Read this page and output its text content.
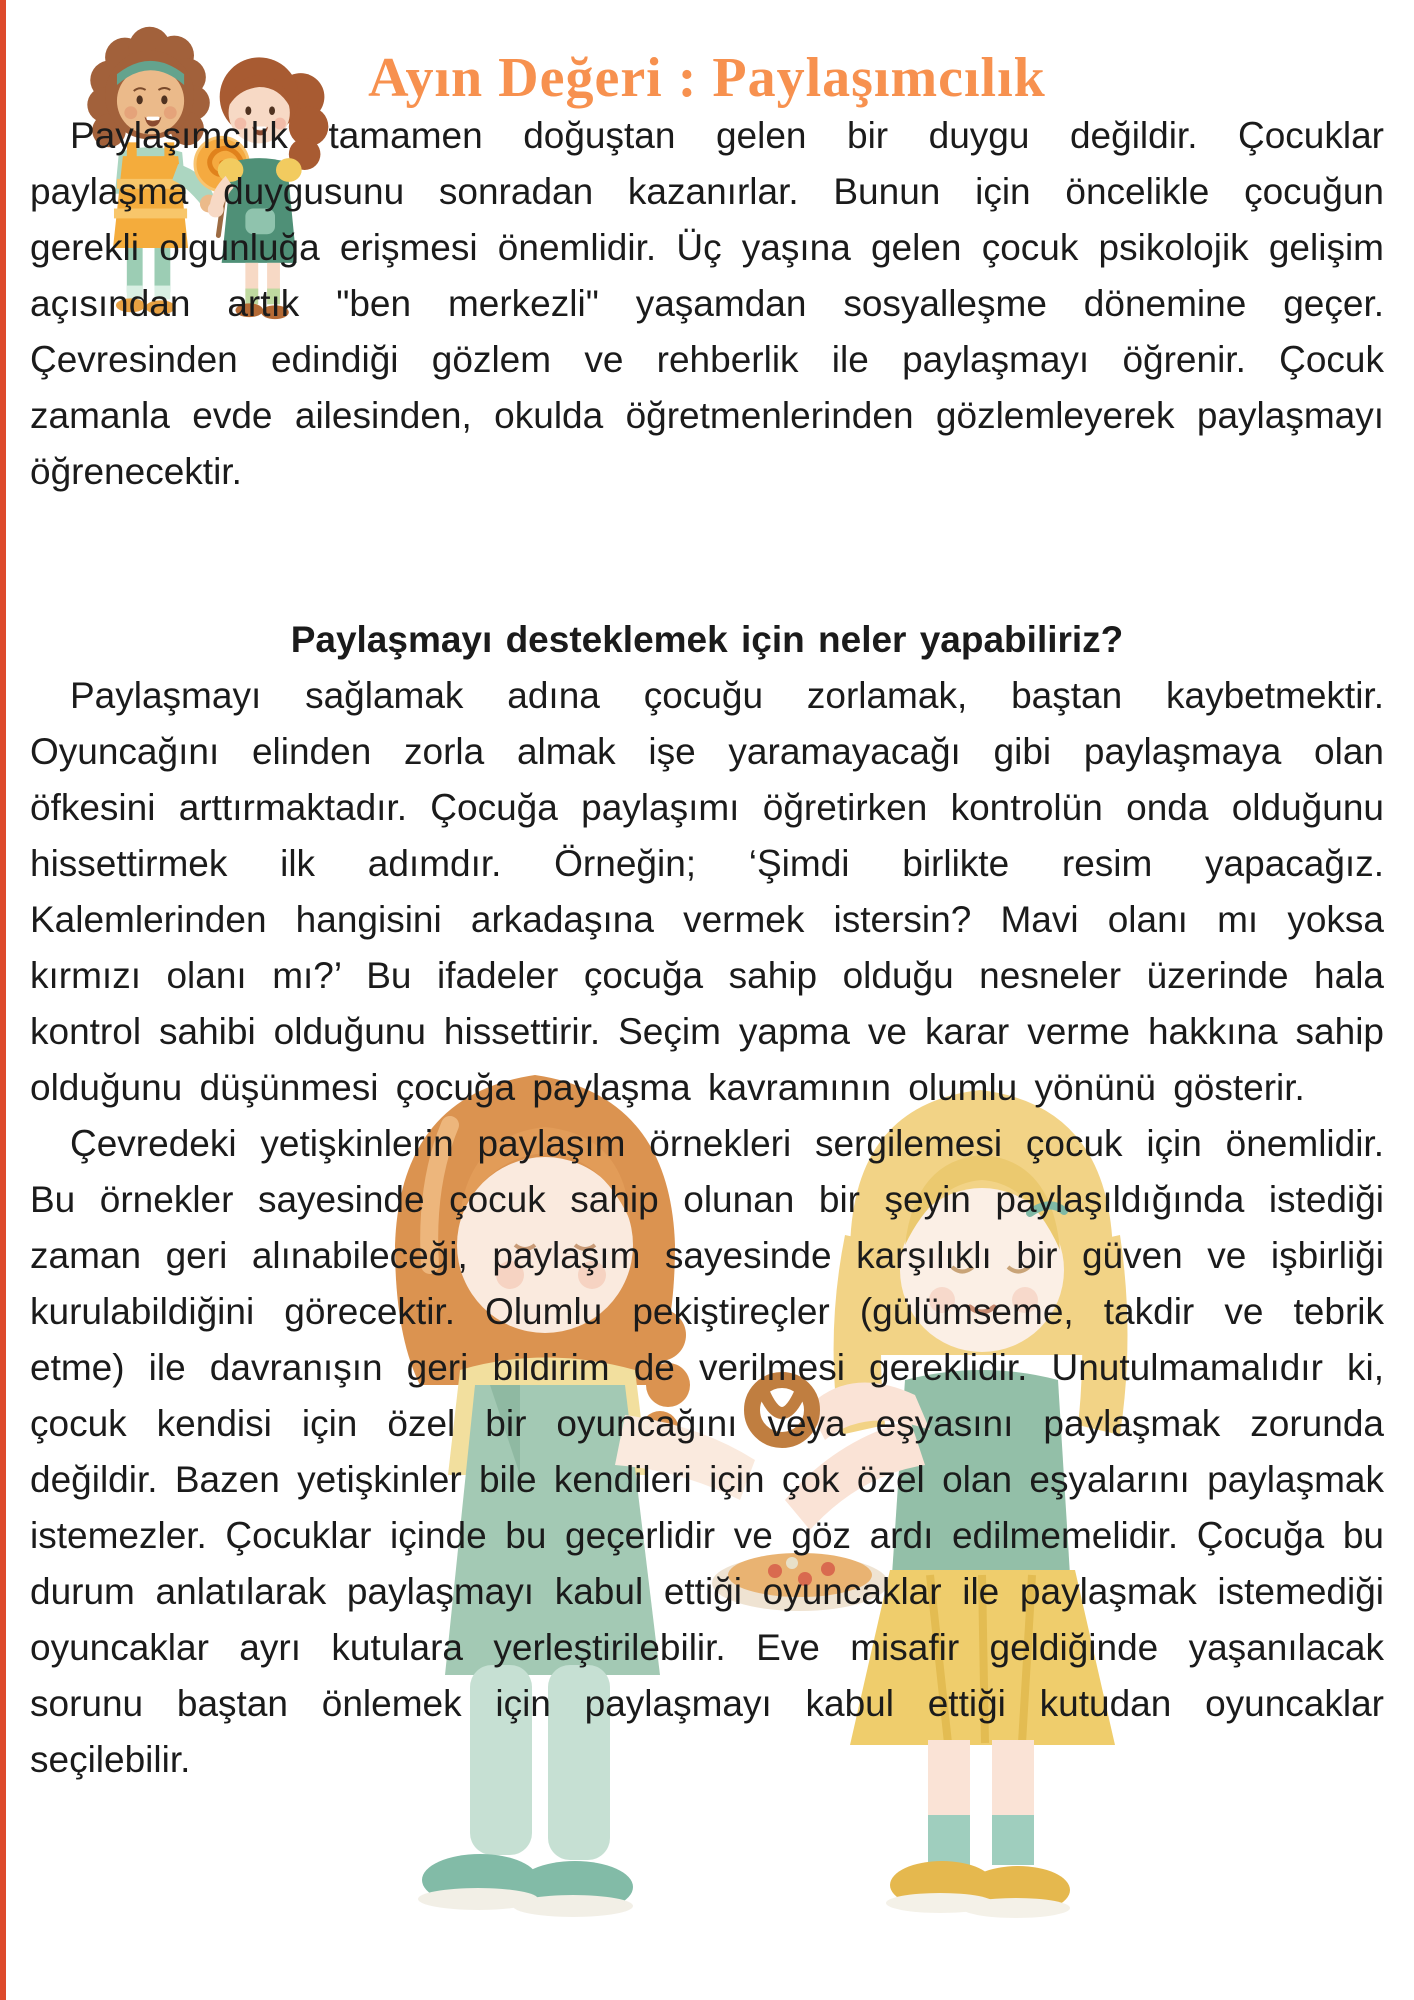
Ayın Değeri : Paylaşımcılık

Paylaşımcılık tamamen doğuştan gelen bir duygu değildir. Çocuklar paylaşma duygusunu sonradan kazanırlar. Bunun için öncelikle çocuğun gerekli olgunluğa erişmesi önemlidir. Üç yaşına gelen çocuk psikolojik gelişim açısından artık "ben merkezli" yaşamdan sosyalleşme dönemine geçer. Çevresinden edindiği gözlem ve rehberlik ile paylaşmayı öğrenir. Çocuk zamanla evde ailesinden, okulda öğretmenlerinden gözlemleyerek paylaşmayı öğrenecektir.

Paylaşmayı desteklemek için neler yapabiliriz?

Paylaşmayı sağlamak adına çocuğu zorlamak, baştan kaybetmektir. Oyuncağını elinden zorla almak işe yaramayacağı gibi paylaşmaya olan öfkesini arttırmaktadır. Çocuğa paylaşımı öğretirken kontrolün onda olduğunu hissettirmek ilk adımdır. Örneğin; ‘Şimdi birlikte resim yapacağız. Kalemlerinden hangisini arkadaşına vermek istersin? Mavi olanı mı yoksa kırmızı olanı mı?’ Bu ifadeler çocuğa sahip olduğu nesneler üzerinde hala kontrol sahibi olduğunu hissettirir. Seçim yapma ve karar verme hakkına sahip olduğunu düşünmesi çocuğa paylaşma kavramının olumlu yönünü gösterir.

Çevredeki yetişkinlerin paylaşım örnekleri sergilemesi çocuk için önemlidir. Bu örnekler sayesinde çocuk sahip olunan bir şeyin paylaşıldığında istediği zaman geri alınabileceği, paylaşım sayesinde karşılıklı bir güven ve işbirliği kurulabildiğini görecektir. Olumlu pekiştireçler (gülümseme, takdir ve tebrik etme) ile davranışın geri bildirim de verilmesi gereklidir. Unutulmamalıdır ki, çocuk kendisi için özel bir oyuncağını veya eşyasını paylaşmak zorunda değildir. Bazen yetişkinler bile kendileri için çok özel olan eşyalarını paylaşmak istemezler. Çocuklar içinde bu geçerlidir ve göz ardı edilmemelidir. Çocuğa bu durum anlatılarak paylaşmayı kabul ettiği oyuncaklar ile paylaşmak istemediği oyuncaklar ayrı kutulara yerleştirilebilir. Eve misafir geldiğinde yaşanılacak sorunu baştan önlemek için paylaşmayı kabul ettiği kutudan oyuncaklar seçilebilir.
